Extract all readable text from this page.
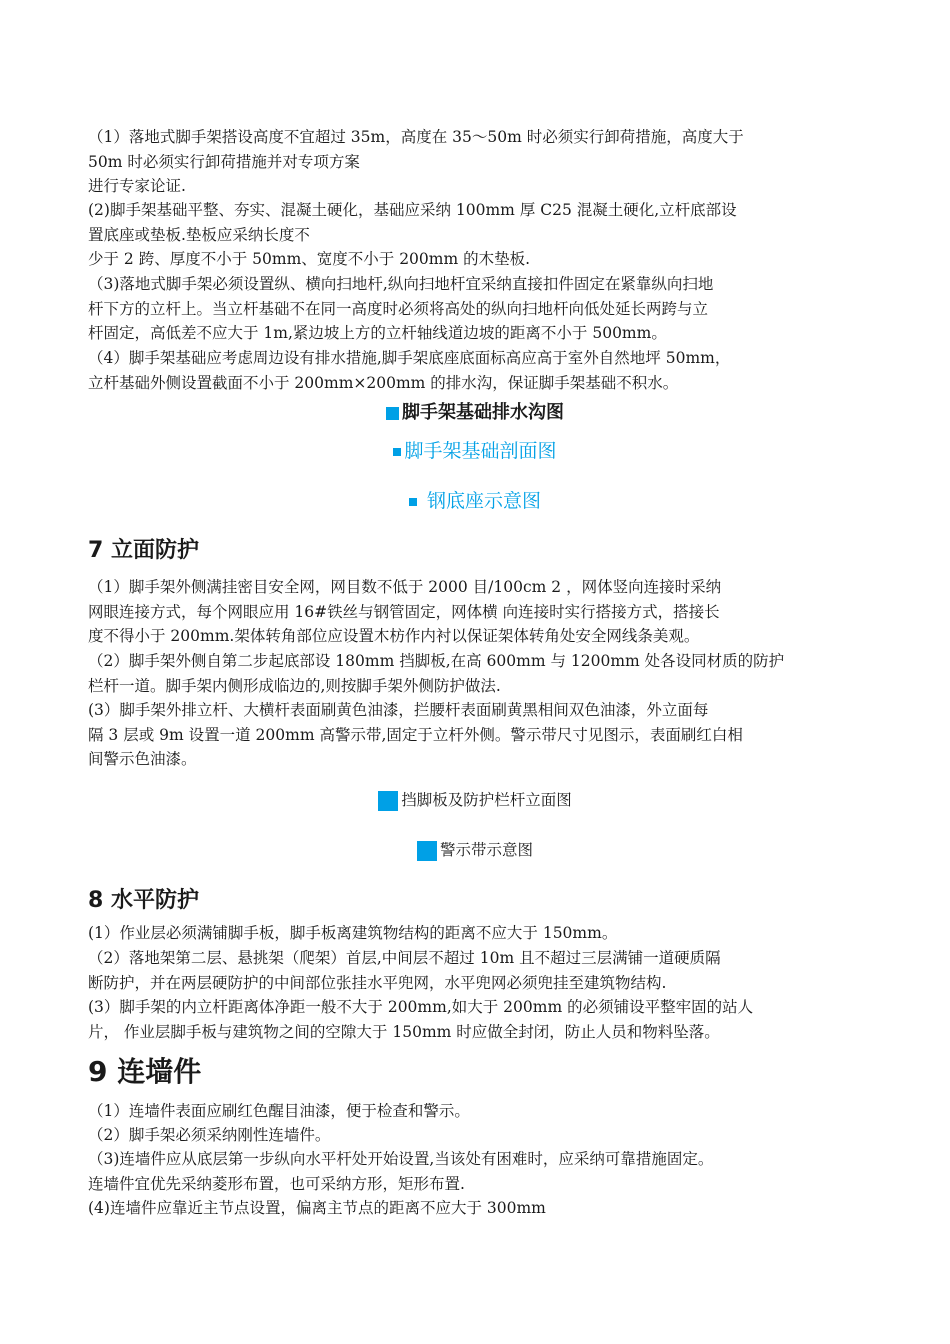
（1）落地式脚手架搭设高度不宜超过 35m，高度在 35～50m 时必须实行卸荷措施，高度大于
50m 时必须实行卸荷措施并对专项方案
进行专家论证.
(2)脚手架基础平整、夯实、混凝土硬化，基础应采纳 100mm 厚 C25 混凝土硬化,立杆底部设
置底座或垫板.垫板应采纳长度不
少于 2 跨、厚度不小于 50mm、宽度不小于 200mm 的木垫板.
（3)落地式脚手架必须设置纵、横向扫地杆,纵向扫地杆宜采纳直接扣件固定在紧靠纵向扫地
杆下方的立杆上。当立杆基础不在同一高度时必须将高处的纵向扫地杆向低处延长两跨与立
杆固定，高低差不应大于 1m,紧边坡上方的立杆轴线道边坡的距离不小于 500mm。
（4）脚手架基础应考虑周边设有排水措施,脚手架底座底面标高应高于室外自然地坪 50mm，
立杆基础外侧设置截面不小于 200mm×200mm 的排水沟，保证脚手架基础不积水。

脚手架基础排水沟图

脚手架基础剖面图

钢底座示意图

7 立面防护
（1）脚手架外侧满挂密目安全网，网目数不低于 2000 目/100cm 2 ，网体竖向连接时采纳
网眼连接方式，每个网眼应用 16#铁丝与钢管固定，网体横 向连接时实行搭接方式，搭接长
度不得小于 200mm.架体转角部位应设置木枋作内衬以保证架体转角处安全网线条美观。
（2）脚手架外侧自第二步起底部设 180mm 挡脚板,在高 600mm 与 1200mm 处各设同材质的防护
栏杆一道。脚手架内侧形成临边的,则按脚手架外侧防护做法.
(3）脚手架外排立杆、大横杆表面刷黄色油漆，拦腰杆表面刷黄黑相间双色油漆，外立面每
隔 3 层或 9m 设置一道 200mm 高警示带,固定于立杆外侧。警示带尺寸见图示，表面刷红白相
间警示色油漆。

挡脚板及防护栏杆立面图

警示带示意图

8 水平防护
(1）作业层必须满铺脚手板，脚手板离建筑物结构的距离不应大于 150mm。
（2）落地架第二层、悬挑架（爬架）首层,中间层不超过 10m 且不超过三层满铺一道硬质隔
断防护，并在两层硬防护的中间部位张挂水平兜网，水平兜网必须兜挂至建筑物结构.
(3）脚手架的内立杆距离体净距一般不大于 200mm,如大于 200mm 的必须铺设平整牢固的站人
片， 作业层脚手板与建筑物之间的空隙大于 150mm 时应做全封闭，防止人员和物料坠落。
9 连墙件
（1）连墙件表面应刷红色醒目油漆，便于检查和警示。
（2）脚手架必须采纳刚性连墙件。
（3)连墙件应从底层第一步纵向水平杆处开始设置,当该处有困难时，应采纳可靠措施固定。
连墙件宜优先采纳菱形布置，也可采纳方形，矩形布置.
(4)连墙件应靠近主节点设置，偏离主节点的距离不应大于 300mm
